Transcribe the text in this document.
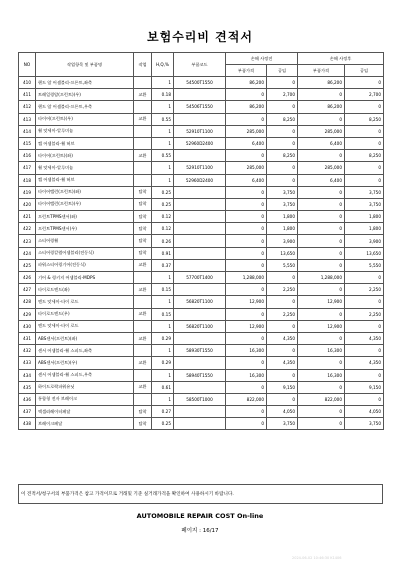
보험수리비 견적서
NO	작업항목 및 부품명	작업	H,Q,%	부품코드	손해 사정전		손해 사정후	
					부품가격	공임	부품가격	공임
410	헨드 암 어셈블리-프론트,좌측		1	54500T1550	86,200	0	86,200	0
411	트레일링암(프런트)(우)	교환	0.18		0	2,700	0	2,700
412	헨드 암 어셈블리-프론트,우측		1	54506T1550	86,200	0	86,200	0
413	타이어(프런트)(우)	교환	0.55		0	8,250	0	8,250
414	휠 앗세이-알루미늄		1	52910T1100	285,000	0	285,000	0
415	캡 어셈블리-휠 허브		1	52960D2400	6,400	0	6,400	0
416	타이어(프런트)(좌)	교환	0.55		0	8,250	0	8,250
417	휠 앗세이-알루미늄		1	52910T1100	285,000	0	285,000	0
418	캡 어셈블리-휠 허브		1	52960D2400	6,400	0	6,400	0
419	타이어밸런(프런트)(좌)	탈착	0.25		0	3,750	0	3,750
420	타이어밸런(프런트)(우)	탈착	0.25		0	3,750	0	3,750
421	프런트TPMS센서(좌)	탈착	0.12		0	1,800	0	1,800
422	프런트TPMS센서(우)	탈착	0.12		0	1,800	0	1,800
423	스티어링휠	탈착	0.26		0	3,900	0	3,900
424	스티어링칼럼어셈블리(전동식)	탈착	0.91		0	13,650	0	13,650
425	파워스티어링기어(전동식)	교환	0.37		0	5,550	0	5,550
426	기어 & 링키지 어셈블리-MDPS		1	57700T1400	1,288,000	0	1,288,000	0
427	타이로드엔드(좌)	교환	0.15		0	2,250	0	2,250
428	엔드 앗세이-타이 로드		1	56820T1100	12,900	0	12,900	0
429	타이로드엔드(우)	교환	0.15		0	2,250	0	2,250
430	엔드 앗세이-타이 로드		1	56820T1100	12,900	0	12,900	0
431	ABS센서(프런트)(좌)	교환	0.29		0	4,350	0	4,350
432	센서 어셈블리-휠 스피드,좌측		1	58930T1550	16,300	0	16,300	0
433	ABS센서(프런트)(우)	교환	0.29		0	4,350	0	4,350
434	센서 어셈블리-휠 스피드,우측		1	58940T1550	16,300	0	16,300	0
435	하이드로락파워유닛	교환	0.61		0	9,150	0	9,150
436	통합형 전자 브레이크		1	58500T1000	822,000	0	822,000	0
437	액셀러레이터페달	탈착	0.27		0	4,050	0	4,050
438	브레이크페달	탈착	0.25		0	3,750	0	3,750
이 견적서/청구서의 부품가격은 참고 가격이므로 거래및 기준 실거래가격을 확인하여 사용하시기 바랍니다.
AUTOMOBILE REPAIR COST On-line
페이지 : 16/17
2024-06-02 10:46:30 K1406
